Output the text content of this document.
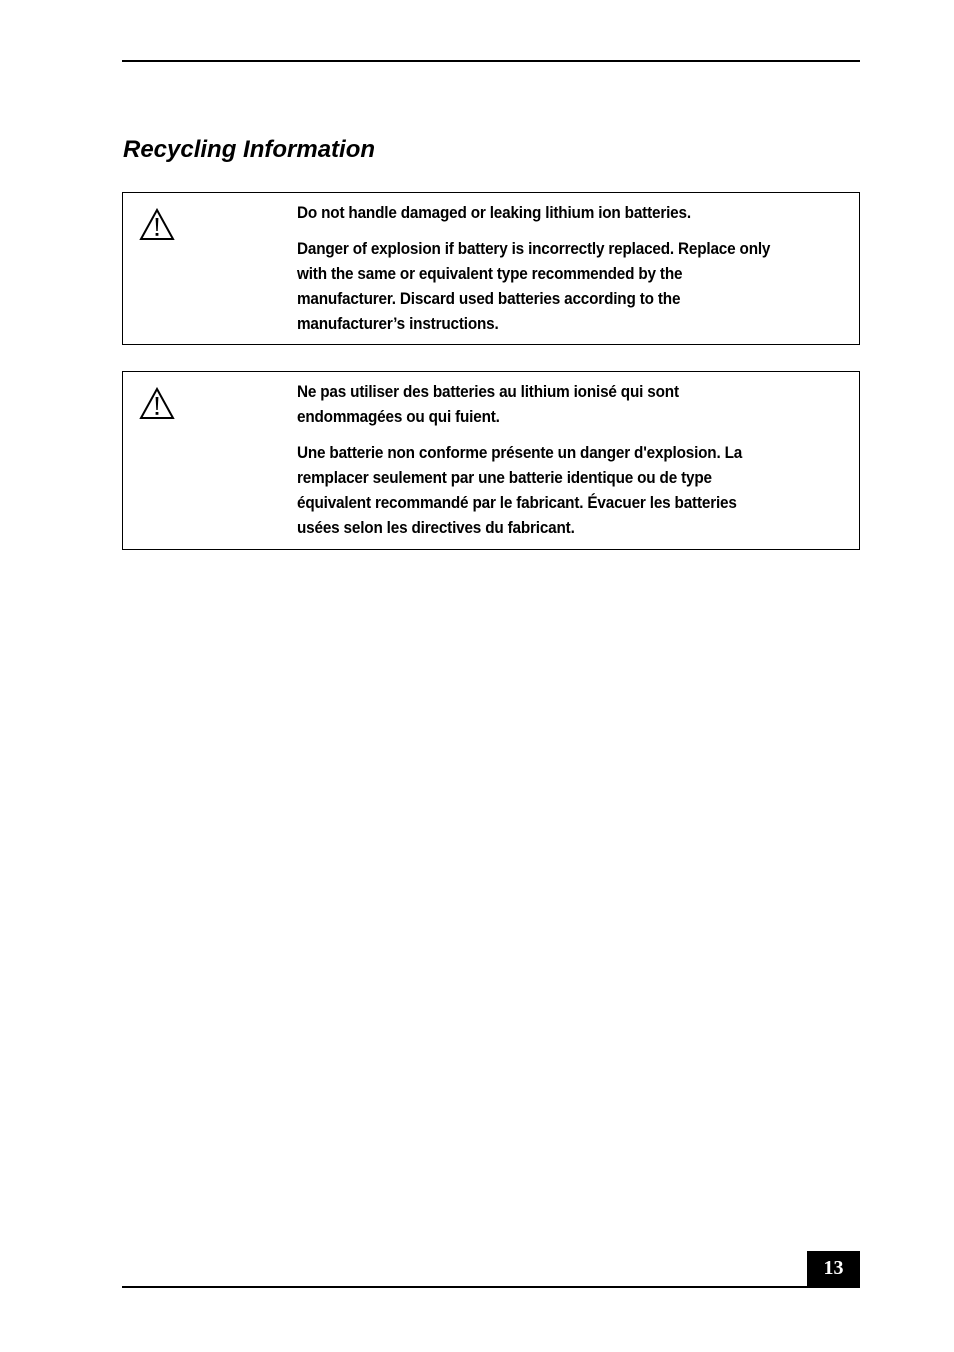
Recycling Information

Do not handle damaged or leaking lithium ion batteries.

Danger of explosion if battery is incorrectly replaced. Replace only
with the same or equivalent type recommended by the
manufacturer. Discard used batteries according to the
manufacturer’s instructions.

Ne pas utiliser des batteries au lithium ionisé qui sont
endommagées ou qui fuient.

Une batterie non conforme présente un danger d'explosion. La
remplacer seulement par une batterie identique ou de type
équivalent recommandé par le fabricant. Évacuer les batteries
usées selon les directives du fabricant.

13
